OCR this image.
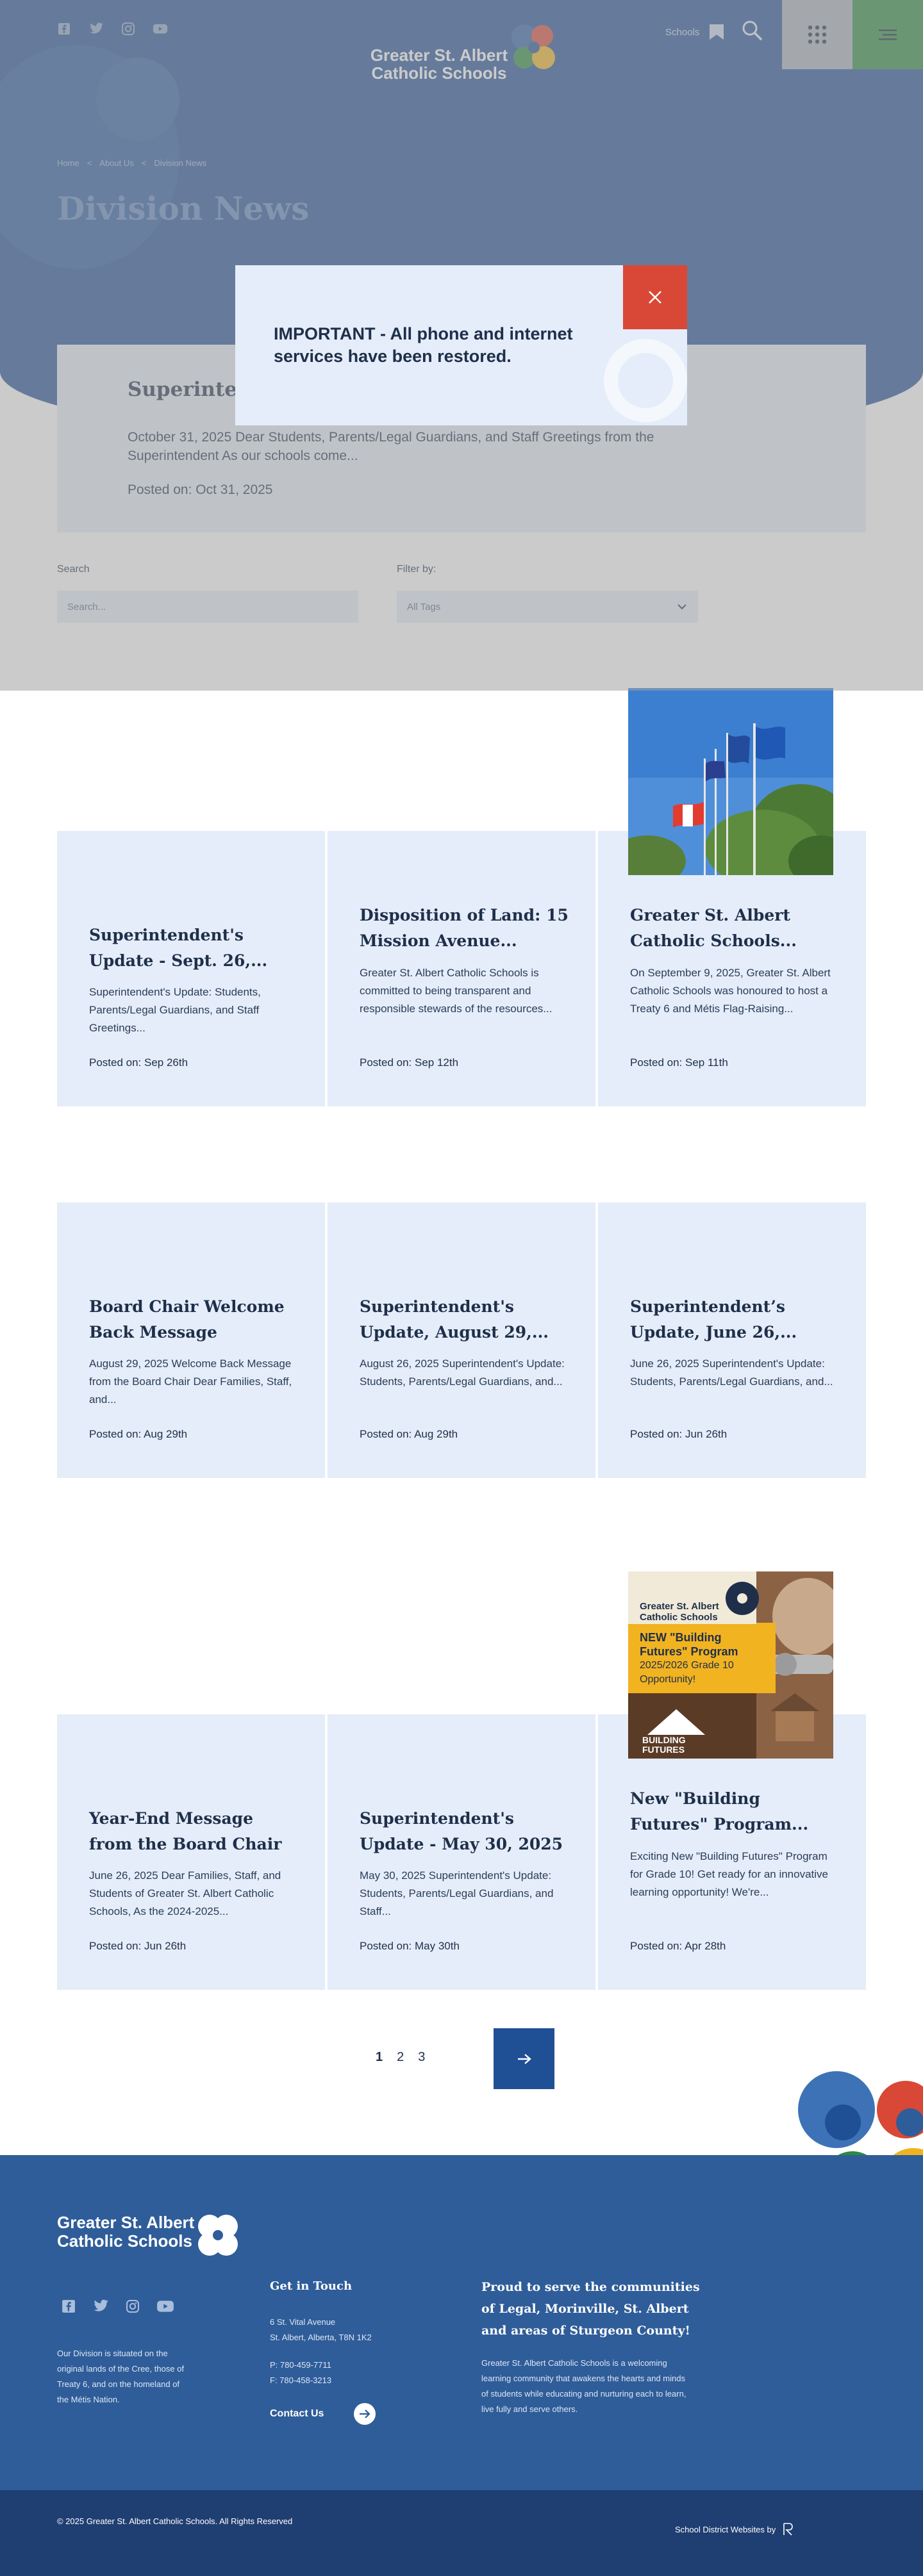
IMPORTANT - All phone and internet services have been restored.
Superintendent's Update - Sept. 26,...

Superintendent's Update: Students, Parents/Legal Guardians, and Staff Greetings...

Posted on: Sep 26th
Disposition of Land: 15 Mission Avenue...

Greater St. Albert Catholic Schools is committed to being transparent and responsible stewards of the resources...

Posted on: Sep 12th
Greater St. Albert Catholic Schools...

On September 9, 2025, Greater St. Albert Catholic Schools was honoured to host a Treaty 6 and Métis Flag-Raising...

Posted on: Sep 11th
Board Chair Welcome Back Message

August 29, 2025 Welcome Back Message from the Board Chair Dear Families, Staff, and...

Posted on: Aug 29th
Superintendent's Update, August 29,...

August 26, 2025 Superintendent's Update: Students, Parents/Legal Guardians, and...

Posted on: Aug 29th
Superintendent’s Update, June 26,...

June 26, 2025 Superintendent's Update: Students, Parents/Legal Guardians, and...

Posted on: Jun 26th
Year-End Message from the Board Chair

June 26, 2025 Dear Families, Staff, and Students of Greater St. Albert Catholic Schools, As the 2024-2025...

Posted on: Jun 26th
Superintendent's Update - May 30, 2025

May 30, 2025 Superintendent's Update: Students, Parents/Legal Guardians, and Staff...

Posted on: May 30th
New "Building Futures" Program...

Exciting New "Building Futures" Program for Grade 10! Get ready for an innovative learning opportunity! We're...

Posted on: Apr 28th
Greater St. Albert
Catholic Schools
NEW "Building
Futures" Program
2025/2026 Grade 10
Opportunity!
BUILDING
FUTURES
1 2 3
Greater St. Albert
Catholic Schools
Our Division is situated on the original lands of the Cree, those of Treaty 6, and on the homeland of the Métis Nation.
Get in Touch
6 St. Vital Avenue
St. Albert, Alberta, T8N 1K2
P: 780-459-7711
F: 780-458-3213
Contact Us
Proud to serve the communities of Legal, Morinville, St. Albert and areas of Sturgeon County!
Greater St. Albert Catholic Schools is a welcoming learning community that awakens the hearts and minds of students while educating and nurturing each to learn, live fully and serve others.
© 2025 Greater St. Albert Catholic Schools. All Rights Reserved
School District Websites by
